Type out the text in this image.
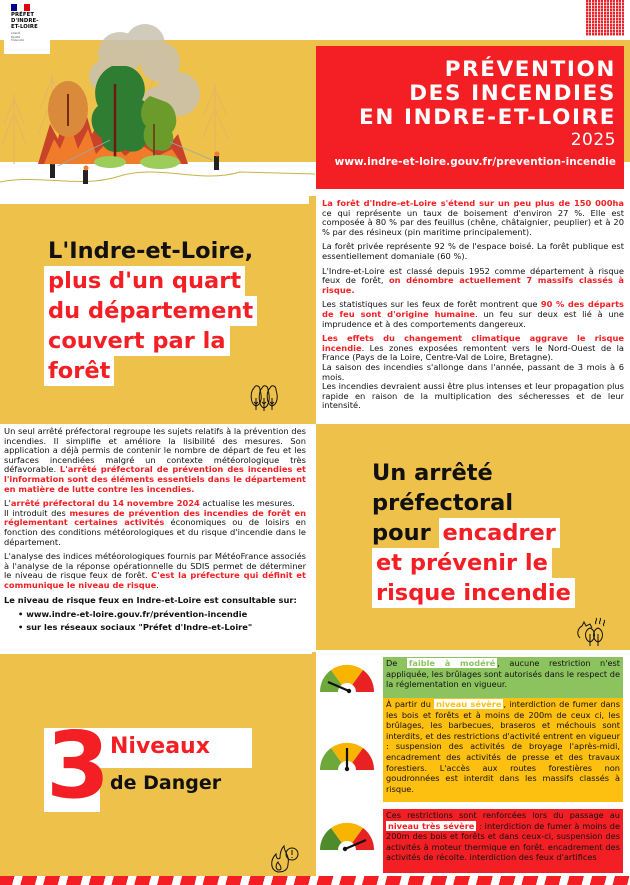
PRÉFET
D'INDRE-
ET-LOIRE
Liberté
Égalité
Fraternité
PRÉVENTION
DES INCENDIES
EN INDRE-ET-LOIRE
2025
www.indre-et-loire.gouv.fr/prevention-incendie
L'Indre-et-Loire,
plus d'un quart
du département
couvert par la
forêt

La forêt d'Indre-et-Loire s'étend sur un peu plus de 150 000ha ce qui représente un taux de boisement d'environ 27 %. Elle est composée à 80 % par des feuillus (chêne, châtaignier, peuplier) et à 20 % par des résineux (pin maritime principalement).

La forêt privée représente 92 % de l'espace boisé. La forêt publique est essentiellement domaniale (60 %).

L'Indre-et-Loire est classé depuis 1952 comme département à risque feux de forêt, on dénombre actuellement 7 massifs classés à risque.

Les statistiques sur les feux de forêt montrent que 90 % des départs de feu sont d'origine humaine. un feu sur deux est lié à une imprudence et à des comportements dangereux.

Les effets du changement climatique aggrave le risque incendie. Les zones exposées remontent vers le Nord-Ouest de la France (Pays de la Loire, Centre-Val de Loire, Bretagne).
La saison des incendies s'allonge dans l'année, passant de 3 mois à 6 mois.
Les incendies devraient aussi être plus intenses et leur propagation plus rapide en raison de la multiplication des sécheresses et de leur intensité.

Un arrêté
préfectoral
pour encadrer
et prévenir le
risque incendie

Un seul arrêté préfectoral regroupe les sujets relatifs à la prévention des incendies. Il simplifie et améliore la lisibilité des mesures. Son application a déjà permis de contenir le nombre de départ de feu et les surfaces incendiées malgré un contexte météorologique très défavorable. L'arrêté préfectoral de prévention des incendies et l'information sont des éléments essentiels dans le département en matière de lutte contre les incendies.

L'arrêté préfectoral du 14 novembre 2024 actualise les mesures.
Il introduit des mesures de prévention des incendies de forêt en réglementant certaines activités économiques ou de loisirs en fonction des conditions météorologiques et du risque d'incendie dans le département.

L'analyse des indices météorologiques fournis par MétéoFrance associés à l'analyse de la réponse opérationnelle du SDIS permet de déterminer le niveau de risque feux de forêt. C'est la préfecture qui définit et communique le niveau de risque.

Le niveau de risque feux en Indre-et-Loire est consultable sur:

• www.indre-et-loire.gouv.fr/prévention-incendie
• sur les réseaux sociaux "Préfet d'Indre-et-Loire"
3 Niveaux
de Danger
De faible à modéré , aucune restriction n'est appliquée, les brûlages sont autorisés dans le respect de la réglementation en vigueur.
À partir du niveau sévère , interdiction de fumer dans les bois et forêts et à moins de 200m de ceux ci, les brûlages, les barbecues, braseros et méchouis sont interdits, et des restrictions d'activité entrent en vigueur : suspension des activités de broyage l'après-midi, encadrement des activités de presse et des travaux forestiers. L'accès aux routes forestières non goudronnées est interdit dans les massifs classés à risque.
Ces restrictions sont renforcées lors du passage au niveau très sévère : interdiction de fumer à moins de 200m des bois et forêts et dans ceux-ci, suspension des activités à moteur thermique en forêt. encadrement des activités de récolte. interdiction des feux d'artifices
